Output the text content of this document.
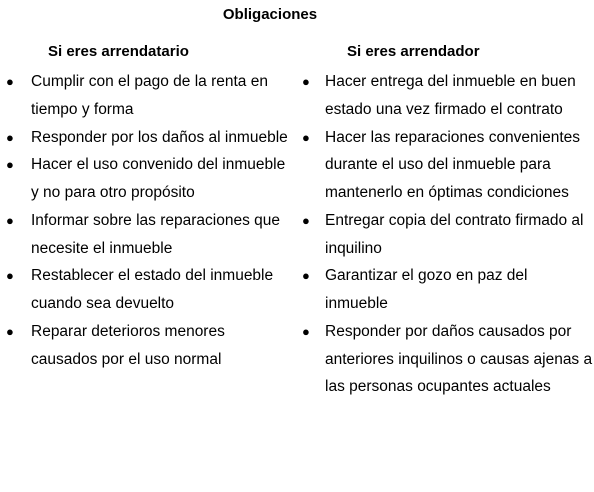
Obligaciones
Si eres arrendatario
● Cumplir con el pago de la renta en tiempo y forma
● Responder por los daños al inmueble
● Hacer el uso convenido del inmueble y no para otro propósito
● Informar sobre las reparaciones que necesite el inmueble
● Restablecer el estado del inmueble cuando sea devuelto
● Reparar deterioros menores causados por el uso normal
Si eres arrendador
● Hacer entrega del inmueble en buen estado una vez firmado el contrato
● Hacer las reparaciones convenientes durante el uso del inmueble para mantenerlo en óptimas condiciones
● Entregar copia del contrato firmado al inquilino
● Garantizar el gozo en paz del inmueble
● Responder por daños causados por anteriores inquilinos o causas ajenas a las personas ocupantes actuales
